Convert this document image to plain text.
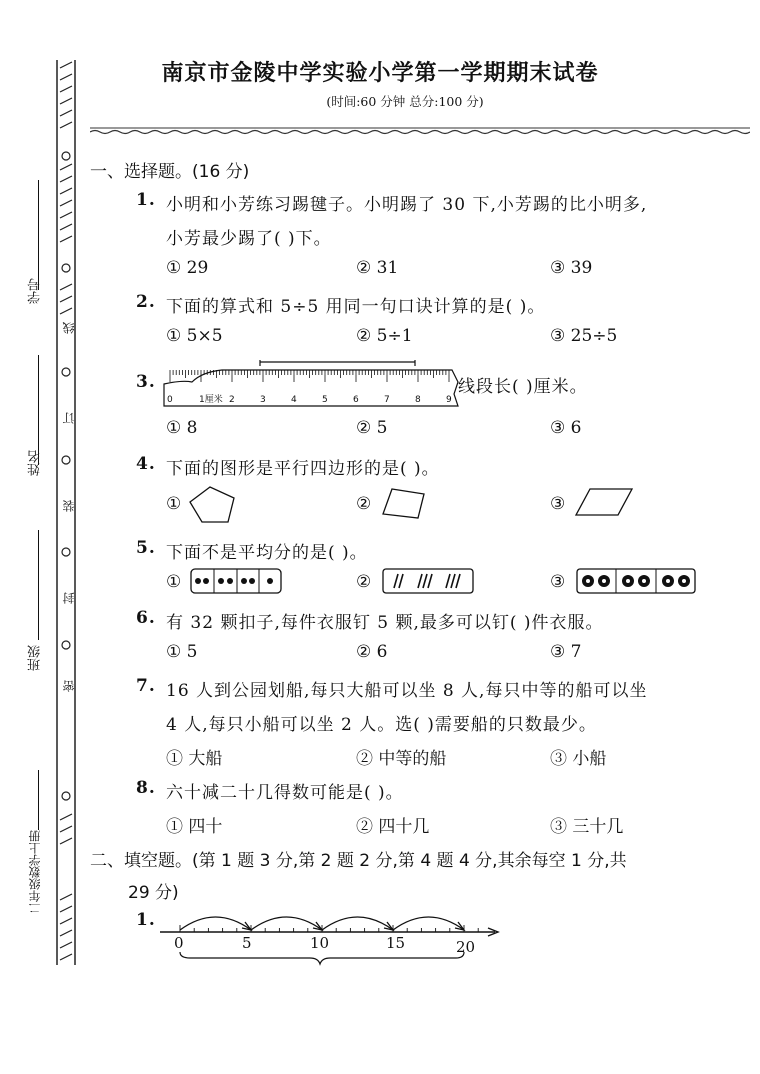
线
订
装
封
密
学号
姓名
班级
二年级数学上册
南京市金陵中学实验小学第一学期期末试卷
(时间:60 分钟 总分:100 分)
一、选择题。(16 分)
1. 小明和小芳练习踢毽子。小明踢了 30 下,小芳踢的比小明多,
小芳最少踢了( )下。
① 29	② 31	③ 39
2. 下面的算式和 5÷5 用同一句口诀计算的是( )。
① 5×5	② 5÷1	③ 25÷5
3.
0	1厘米 2	3	4	5	6	7	8	9
线段长( )厘米。
① 8	② 5	③ 6
4. 下面的图形是平行四边形的是( )。
①	②	③
5. 下面不是平均分的是( )。
①	②	③
6. 有 32 颗扣子,每件衣服钉 5 颗,最多可以钉( )件衣服。
① 5	② 6	③ 7
7. 16 人到公园划船,每只大船可以坐 8 人,每只中等的船可以坐
4 人,每只小船可以坐 2 人。选( )需要船的只数最少。
① 大船	② 中等的船	③ 小船
8. 六十减二十几得数可能是( )。
① 四十	② 四十几	③ 三十几
二、填空题。(第 1 题 3 分,第 2 题 2 分,第 4 题 4 分,其余每空 1 分,共
29 分)
1.
0	5	10	15	20
